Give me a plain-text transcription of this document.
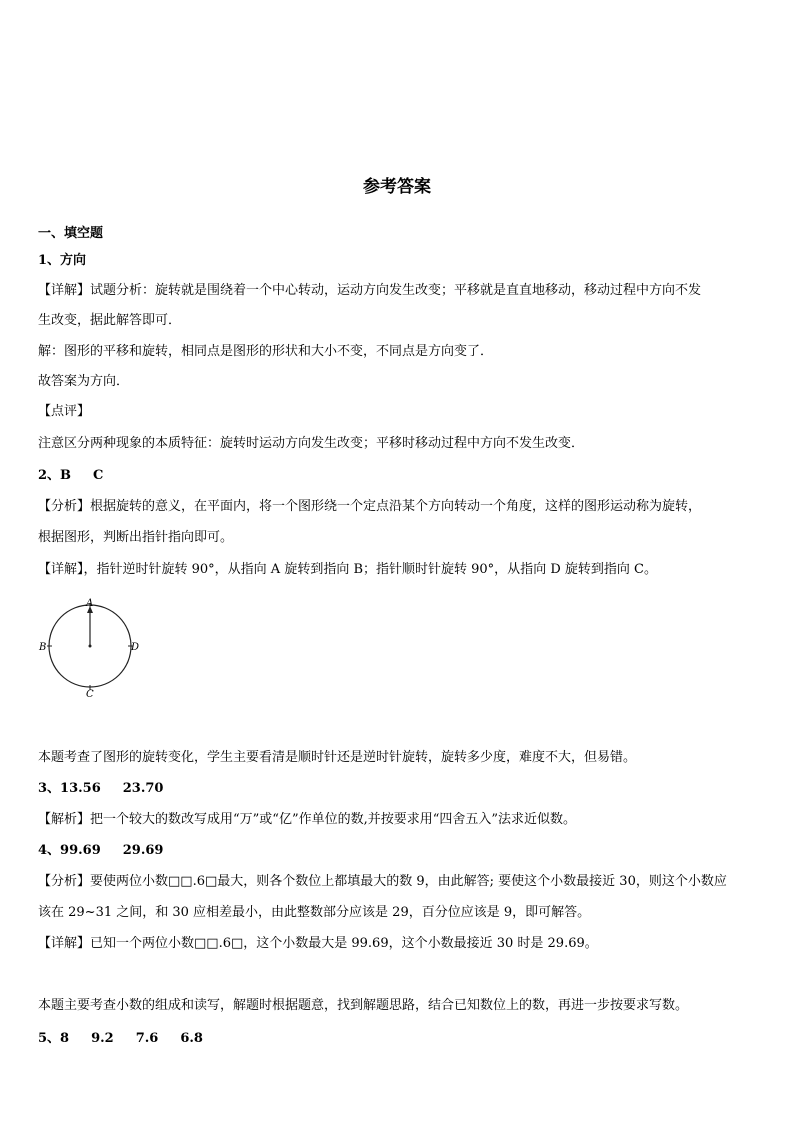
参考答案
一、填空题
1、方向
【详解】试题分析：旋转就是围绕着一个中心转动，运动方向发生改变；平移就是直直地移动，移动过程中方向不发
生改变，据此解答即可．
解：图形的平移和旋转，相同点是图形的形状和大小不变，不同点是方向变了．
故答案为方向．
【点评】
注意区分两种现象的本质特征：旋转时运动方向发生改变；平移时移动过程中方向不发生改变．
2、B C
【分析】根据旋转的意义，在平面内，将一个图形绕一个定点沿某个方向转动一个角度，这样的图形运动称为旋转，
根据图形，判断出指针指向即可。
【详解】，指针逆时针旋转 90°，从指向 A 旋转到指向 B；指针顺时针旋转 90°，从指向 D 旋转到指向 C。
A
B	D
C
本题考查了图形的旋转变化，学生主要看清是顺时针还是逆时针旋转，旋转多少度，难度不大，但易错。
3、13.56 23.70
【解析】把一个较大的数改写成用“万”或“亿”作单位的数,并按要求用“四舍五入”法求近似数。
4、99.69 29.69
【分析】要使两位小数□□.6□最大，则各个数位上都填最大的数 9，由此解答; 要使这个小数最接近 30，则这个小数应
该在 29~31 之间，和 30 应相差最小，由此整数部分应该是 29，百分位应该是 9，即可解答。
【详解】已知一个两位小数□□.6□，这个小数最大是 99.69，这个小数最接近 30 时是 29.69。
本题主要考查小数的组成和读写，解题时根据题意，找到解题思路，结合已知数位上的数，再进一步按要求写数。
5、8 9.2 7.6 6.8
